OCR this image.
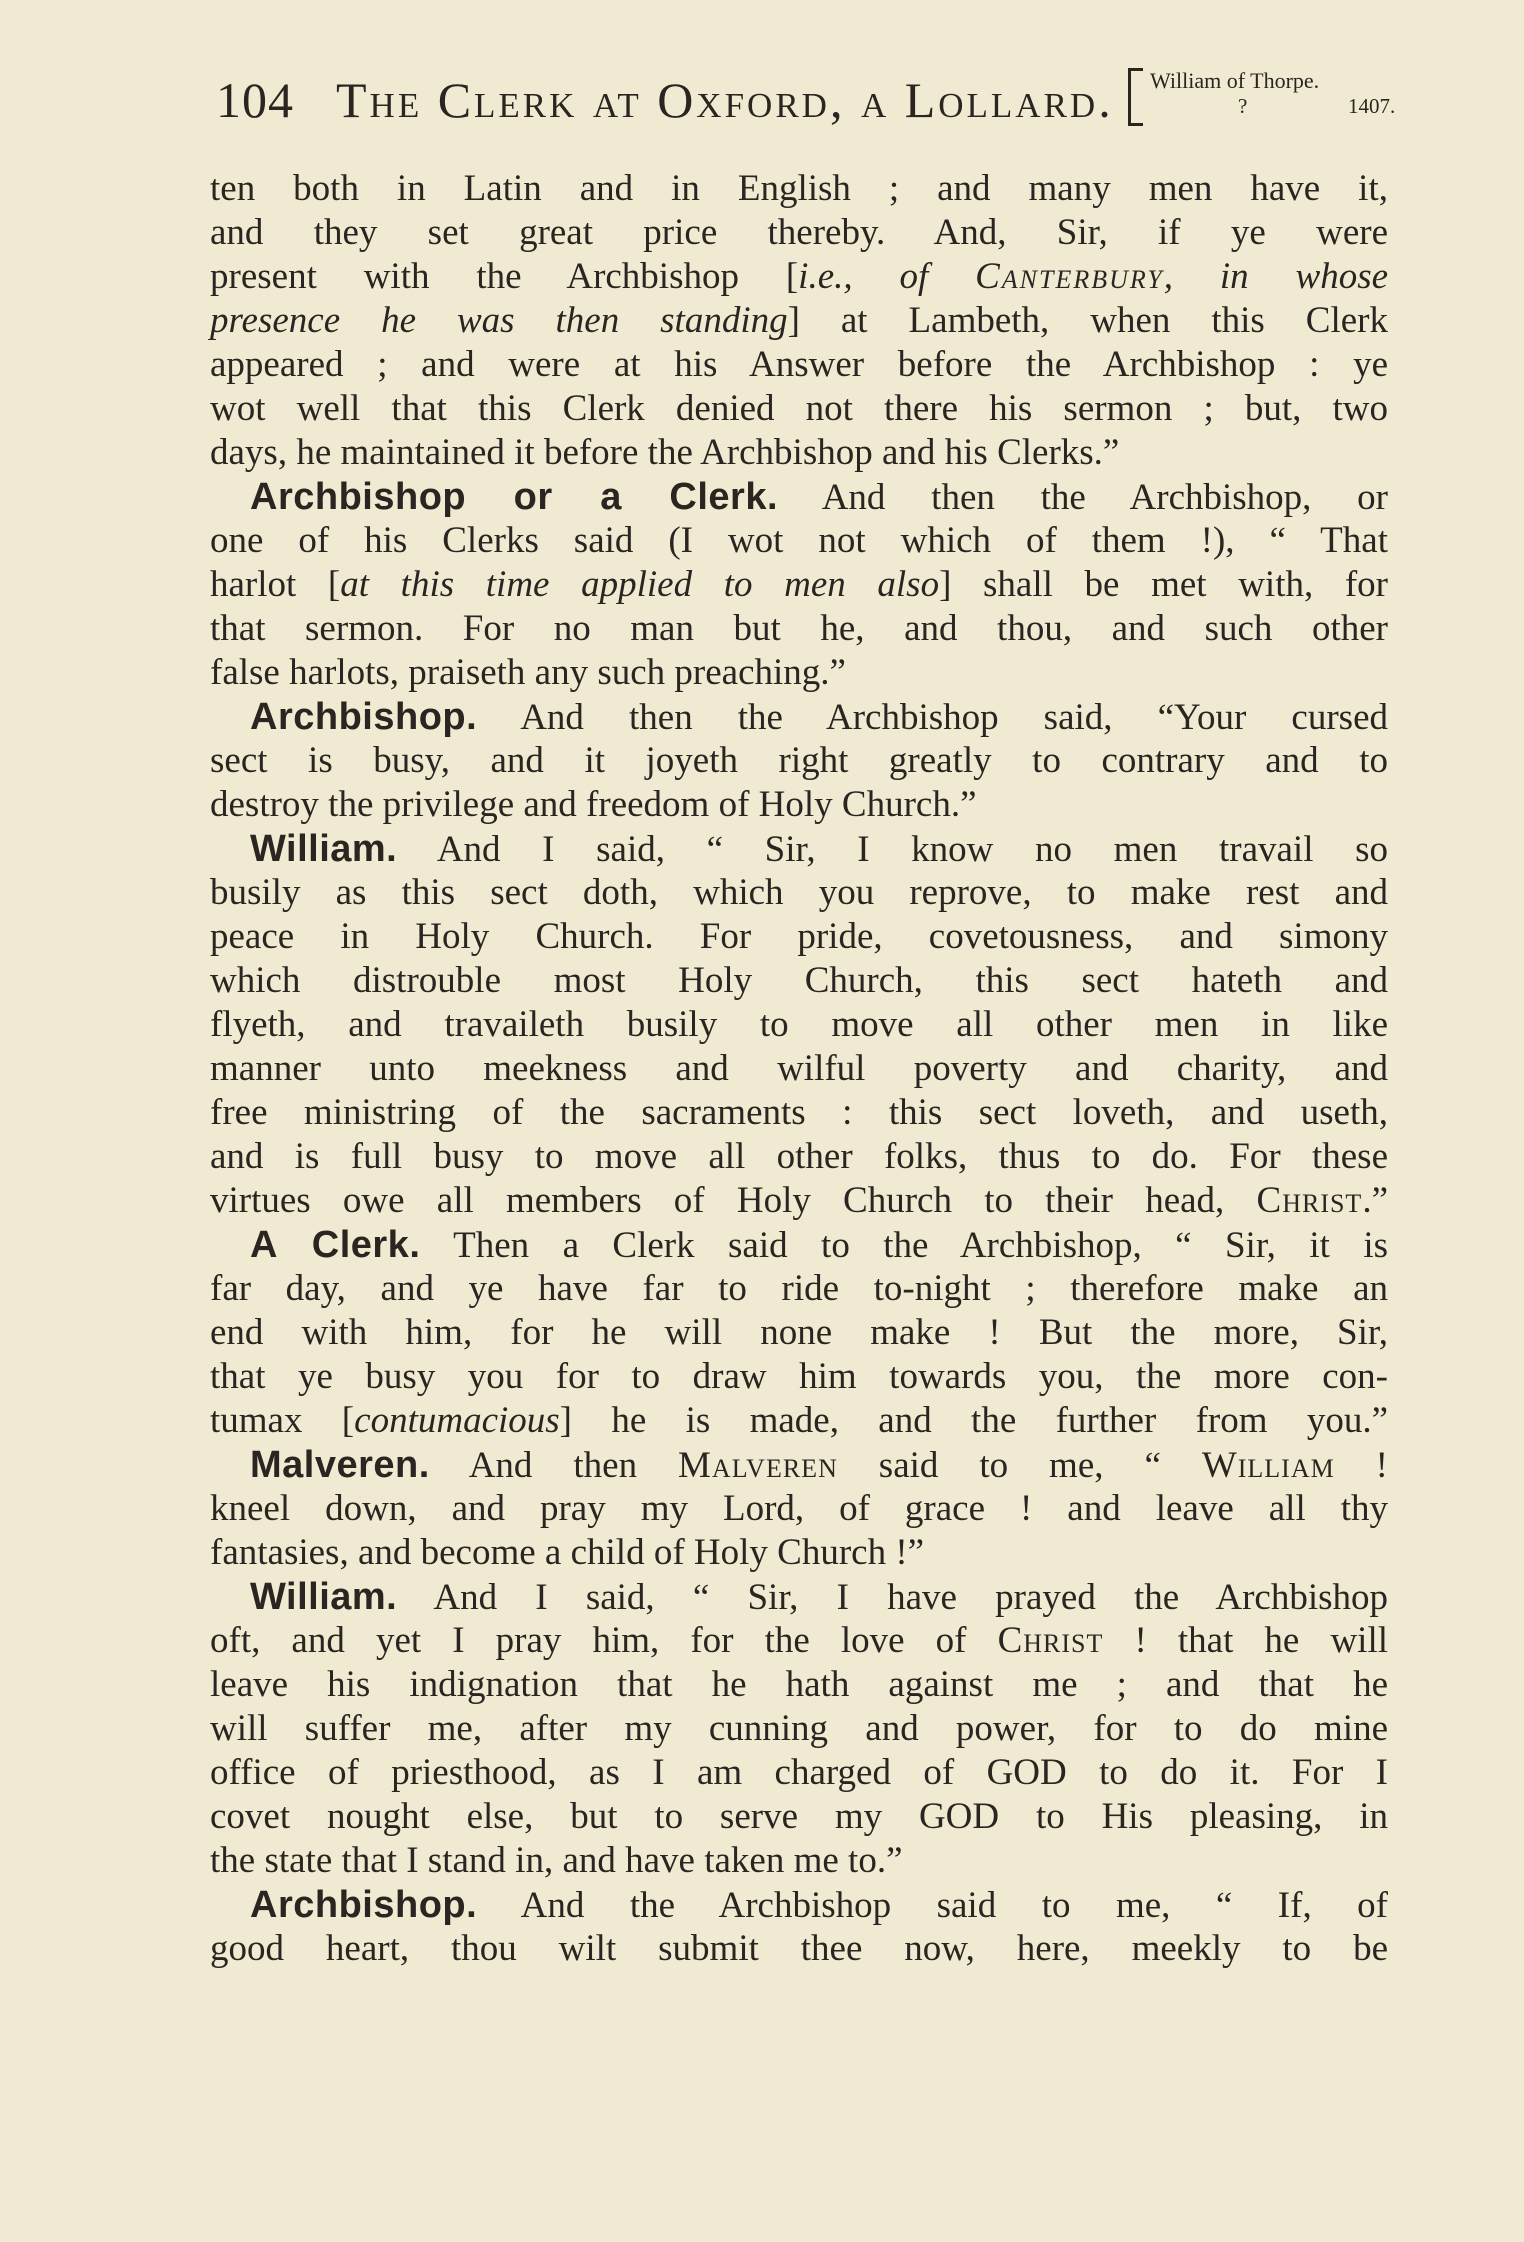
104 The Clerk at Oxford, a Lollard. William of Thorpe.
?	1407.
ten both in Latin and in English ; and many men have it,
and they set great price thereby. And, Sir, if ye were
present with the Archbishop [i.e., of Canterbury, in whose
presence he was then standing] at Lambeth, when this Clerk
appeared ; and were at his Answer before the Archbishop : ye
wot well that this Clerk denied not there his sermon ; but, two
days, he maintained it before the Archbishop and his Clerks.”
Archbishop or a Clerk. And then the Archbishop, or
one of his Clerks said (I wot not which of them !), “ That
harlot [at this time applied to men also] shall be met with, for
that sermon. For no man but he, and thou, and such other
false harlots, praiseth any such preaching.”
Archbishop. And then the Archbishop said, “Your cursed
sect is busy, and it joyeth right greatly to contrary and to
destroy the privilege and freedom of Holy Church.”
William. And I said, “ Sir, I know no men travail so
busily as this sect doth, which you reprove, to make rest and
peace in Holy Church. For pride, covetousness, and simony
which distrouble most Holy Church, this sect hateth and
flyeth, and travaileth busily to move all other men in like
manner unto meekness and wilful poverty and charity, and
free ministring of the sacraments : this sect loveth, and useth,
and is full busy to move all other folks, thus to do. For these
virtues owe all members of Holy Church to their head, Christ.”
A Clerk. Then a Clerk said to the Archbishop, “ Sir, it is
far day, and ye have far to ride to-night ; therefore make an
end with him, for he will none make ! But the more, Sir,
that ye busy you for to draw him towards you, the more con-
tumax [contumacious] he is made, and the further from you.”
Malveren. And then Malveren said to me, “ William !
kneel down, and pray my Lord, of grace ! and leave all thy
fantasies, and become a child of Holy Church !”
William. And I said, “ Sir, I have prayed the Archbishop
oft, and yet I pray him, for the love of Christ ! that he will
leave his indignation that he hath against me ; and that he
will suffer me, after my cunning and power, for to do mine
office of priesthood, as I am charged of GOD to do it. For I
covet nought else, but to serve my GOD to His pleasing, in
the state that I stand in, and have taken me to.”
Archbishop. And the Archbishop said to me, “ If, of
good heart, thou wilt submit thee now, here, meekly to be
